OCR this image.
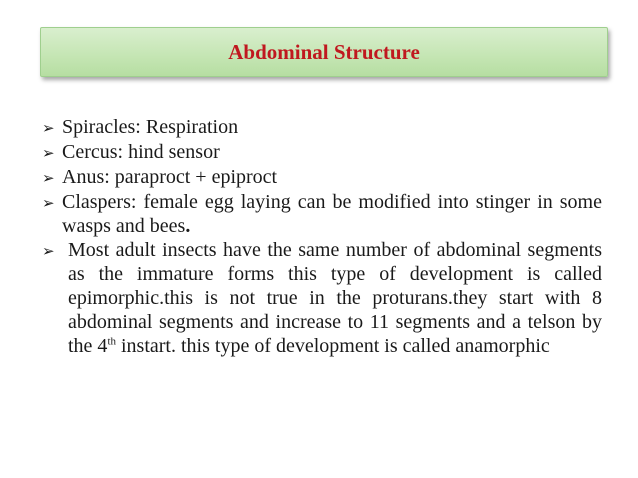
Abdominal Structure
➢ Spiracles: Respiration
➢ Cercus: hind sensor
➢ Anus: paraproct + epiproct
➢ Claspers: female egg laying can be modified into stinger in some wasps and bees.
➢ Most adult insects have the same number of abdominal segments as the immature forms this type of development is called epimorphic.this is not true in the proturans.they start with 8 abdominal segments and increase to 11 segments and a telson by the 4th instart. this type of development is called anamorphic
